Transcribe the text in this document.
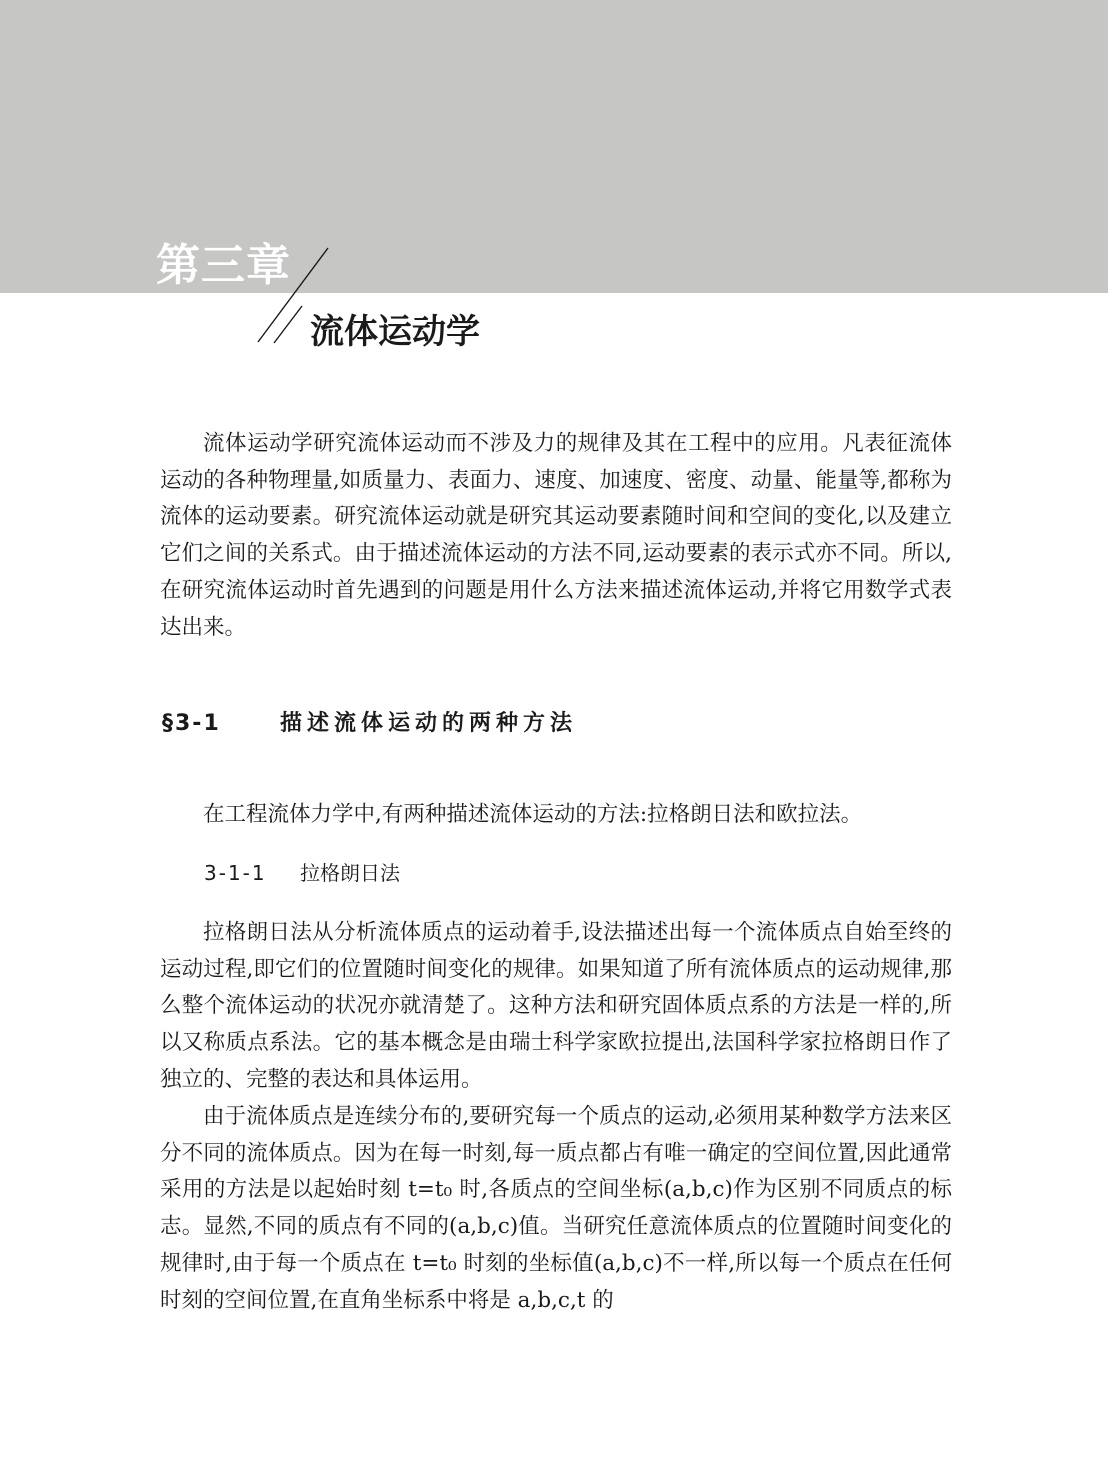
第三章
流体运动学

流体运动学研究流体运动而不涉及力的规律及其在工程中的应用。凡表征流体运动的各种物理量,如质量力、表面力、速度、加速度、密度、动量、能量等,都称为流体的运动要素。研究流体运动就是研究其运动要素随时间和空间的变化,以及建立它们之间的关系式。由于描述流体运动的方法不同,运动要素的表示式亦不同。所以,在研究流体运动时首先遇到的问题是用什么方法来描述流体运动,并将它用数学式表达出来。

§3-1	描述流体运动的两种方法

在工程流体力学中,有两种描述流体运动的方法:拉格朗日法和欧拉法。

3-1-1 拉格朗日法

拉格朗日法从分析流体质点的运动着手,设法描述出每一个流体质点自始至终的运动过程,即它们的位置随时间变化的规律。如果知道了所有流体质点的运动规律,那么整个流体运动的状况亦就清楚了。这种方法和研究固体质点系的方法是一样的,所以又称质点系法。它的基本概念是由瑞士科学家欧拉提出,法国科学家拉格朗日作了独立的、完整的表达和具体运用。

由于流体质点是连续分布的,要研究每一个质点的运动,必须用某种数学方法来区分不同的流体质点。因为在每一时刻,每一质点都占有唯一确定的空间位置,因此通常采用的方法是以起始时刻 t=t₀ 时,各质点的空间坐标(a,b,c)作为区别不同质点的标志。显然,不同的质点有不同的(a,b,c)值。当研究任意流体质点的位置随时间变化的规律时,由于每一个质点在 t=t₀ 时刻的坐标值(a,b,c)不一样,所以每一个质点在任何时刻的空间位置,在直角坐标系中将是 a,b,c,t 的
